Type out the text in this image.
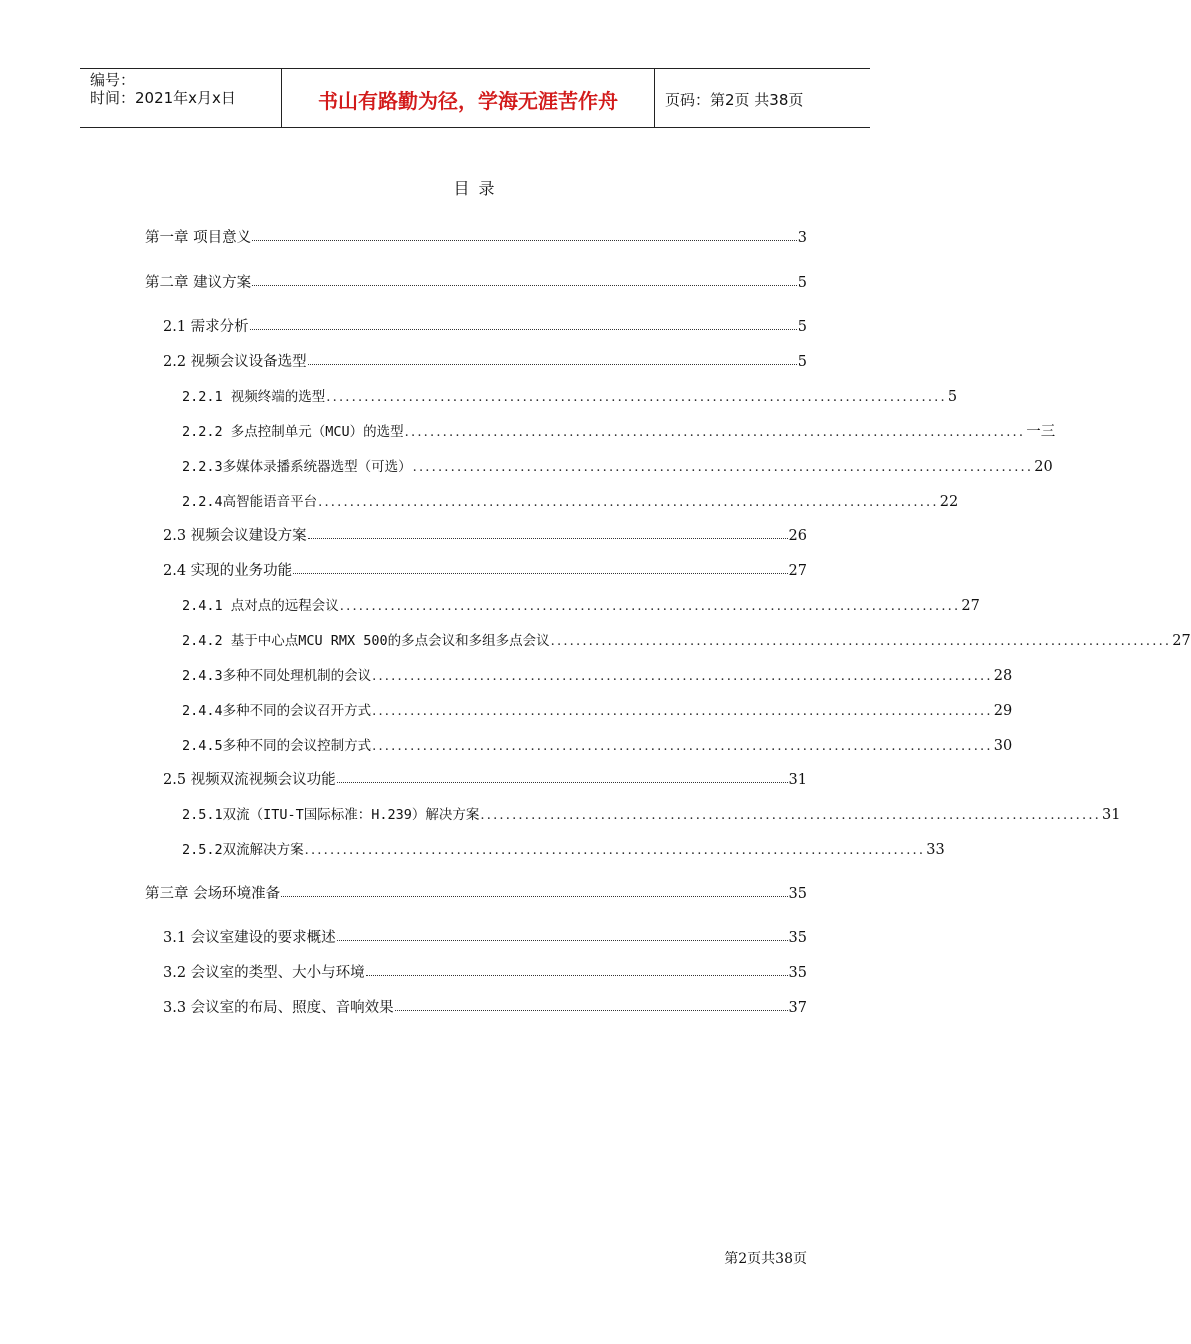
编号：
时间：2021年x月x日	书山有路勤为径，学海无涯苦作舟	页码：第2页 共38页
目 录
第一章 项目意义	3
第二章 建议方案	5
2.1 需求分析	5
2.2 视频会议设备选型	5
2.2.1 视频终端的选型 .................................................................................................. 5
2.2.2 多点控制单元（MCU）的选型 .................................................................................................. 一三
2.2.3多媒体录播系统器选型（可选） .................................................................................................. 20
2.2.4高智能语音平台 .................................................................................................. 22
2.3 视频会议建设方案	26
2.4 实现的业务功能	27
2.4.1 点对点的远程会议 .................................................................................................. 27
2.4.2 基于中心点MCU RMX 500的多点会议和多组多点会议 .................................................................................................. 27
2.4.3多种不同处理机制的会议 .................................................................................................. 28
2.4.4多种不同的会议召开方式 .................................................................................................. 29
2.4.5多种不同的会议控制方式 .................................................................................................. 30
2.5 视频双流视频会议功能	31
2.5.1双流（ITU-T国际标准：H.239）解决方案 .................................................................................................. 31
2.5.2双流解决方案 .................................................................................................. 33
第三章 会场环境准备	35
3.1 会议室建设的要求概述	35
3.2 会议室的类型、大小与环境	35
3.3 会议室的布局、照度、音响效果	37
第2页共38页
